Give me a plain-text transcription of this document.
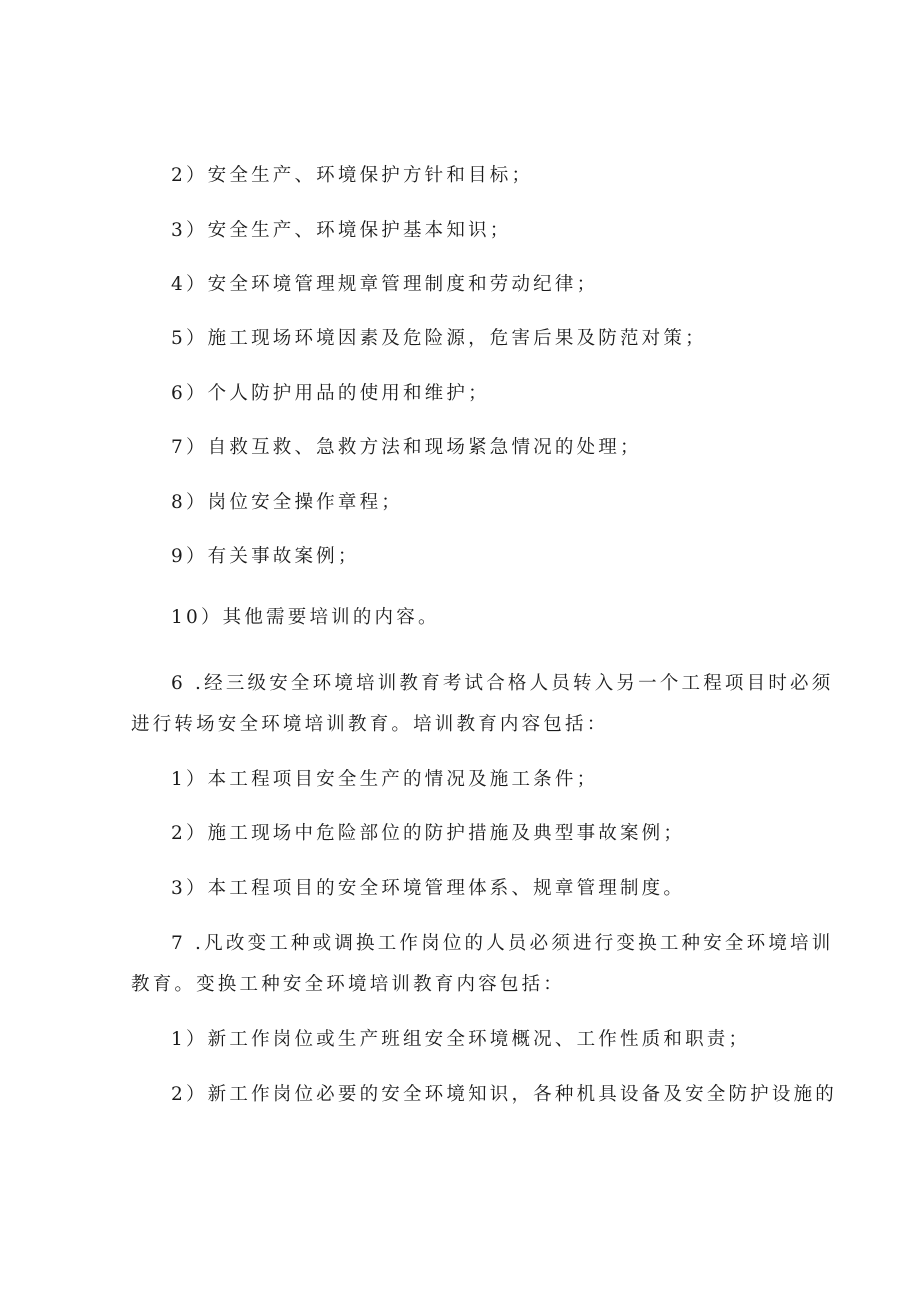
2）安全生产、环境保护方针和目标；
3）安全生产、环境保护基本知识；
4）安全环境管理规章管理制度和劳动纪律；
5）施工现场环境因素及危险源，危害后果及防范对策；
6）个人防护用品的使用和维护；
7）自救互救、急救方法和现场紧急情况的处理；
8）岗位安全操作章程；
9）有关事故案例；
10）其他需要培训的内容。
6 .经三级安全环境培训教育考试合格人员转入另一个工程项目时必须
进行转场安全环境培训教育。培训教育内容包括：
1）本工程项目安全生产的情况及施工条件；
2）施工现场中危险部位的防护措施及典型事故案例；
3）本工程项目的安全环境管理体系、规章管理制度。
7 .凡改变工种或调换工作岗位的人员必须进行变换工种安全环境培训
教育。变换工种安全环境培训教育内容包括：
1）新工作岗位或生产班组安全环境概况、工作性质和职责；
2）新工作岗位必要的安全环境知识，各种机具设备及安全防护设施的
